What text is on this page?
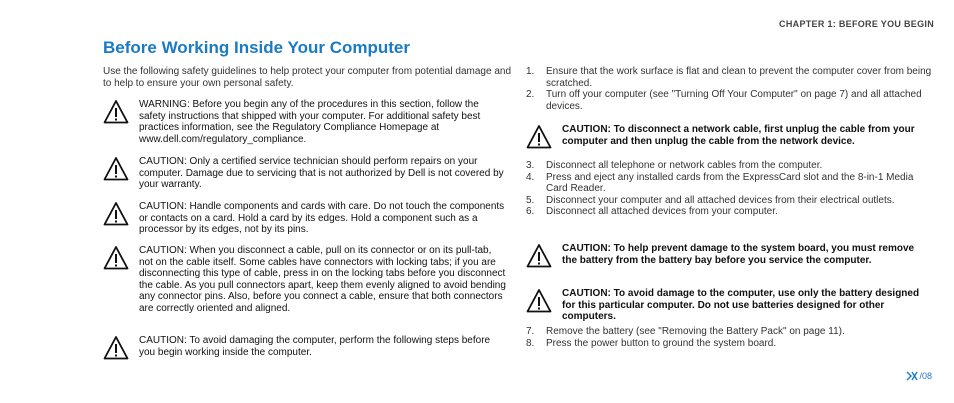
CHAPTER 1: BEFORE YOU BEGIN
Before Working Inside Your Computer

Use the following safety guidelines to help protect your computer from potential damage and to help to ensure your own personal safety.

WARNING: Before you begin any of the procedures in this section, follow the safety instructions that shipped with your computer. For additional safety best practices information, see the Regulatory Compliance Homepage at www.dell.com/regulatory_compliance.
CAUTION: Only a certified service technician should perform repairs on your computer. Damage due to servicing that is not authorized by Dell is not covered by your warranty.
CAUTION: Handle components and cards with care. Do not touch the components or contacts on a card. Hold a card by its edges. Hold a component such as a processor by its edges, not by its pins.
CAUTION: When you disconnect a cable, pull on its connector or on its pull-tab, not on the cable itself. Some cables have connectors with locking tabs; if you are disconnecting this type of cable, press in on the locking tabs before you disconnect the cable. As you pull connectors apart, keep them evenly aligned to avoid bending any connector pins. Also, before you connect a cable, ensure that both connectors are correctly oriented and aligned.
CAUTION: To avoid damaging the computer, perform the following steps before you begin working inside the computer.
1.	Ensure that the work surface is flat and clean to prevent the computer cover from being scratched.
2.	Turn off your computer (see "Turning Off Your Computer" on page 7) and all attached devices.
CAUTION: To disconnect a network cable, first unplug the cable from your computer and then unplug the cable from the network device.
3.	Disconnect all telephone or network cables from the computer.
4.	Press and eject any installed cards from the ExpressCard slot and the 8-in-1 Media Card Reader.
5.	Disconnect your computer and all attached devices from their electrical outlets.
6.	Disconnect all attached devices from your computer.
CAUTION: To help prevent damage to the system board, you must remove the battery from the battery bay before you service the computer.
CAUTION: To avoid damage to the computer, use only the battery designed for this particular computer. Do not use batteries designed for other computers.
7.	Remove the battery (see "Removing the Battery Pack" on page 11).
8.	Press the power button to ground the system board.
/ 08
